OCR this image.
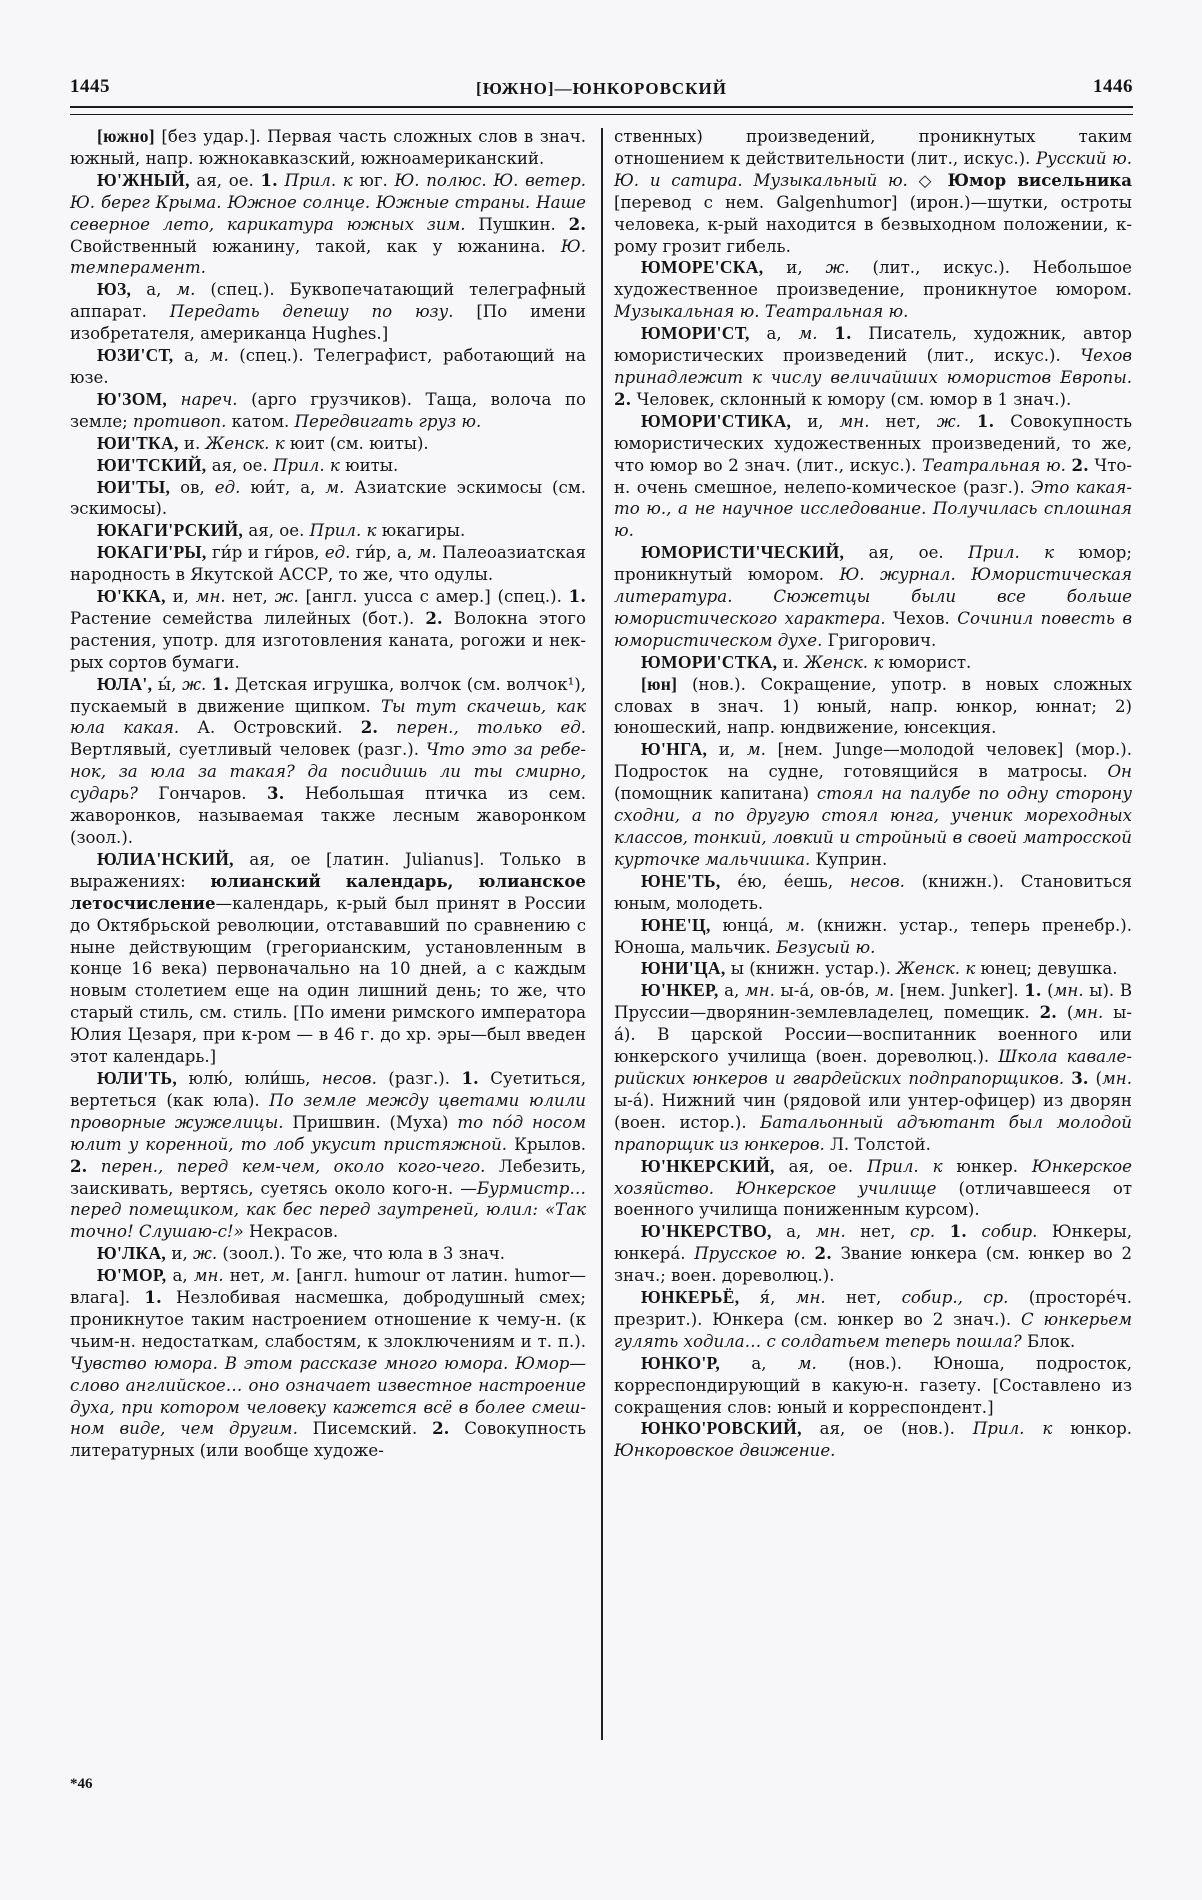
1445	[ЮЖНО]—ЮНКОРОВСКИЙ	1446

[южно] [без удар.]. Первая часть сложных слов в знач. южный, напр. южнокавказский, южноамериканский.

Ю'ЖНЫЙ, ая, ое. 1. Прил. к юг. Ю. полюс. Ю. ветер. Ю. берег Крыма. Южное солнце. Южные страны. Наше северное лето, карикатура южных зим. Пушкин. 2. Свойственный южанину, такой, как у южанина. Ю. темперамент.

ЮЗ, а, м. (спец.). Буквопечатающий телеграфный аппарат. Передать депешу по юзу. [По имени изобретателя, американца Hughes.]

ЮЗИ'СТ, а, м. (спец.). Телеграфист, работающий на юзе.

Ю'ЗОМ, нареч. (арго грузчиков). Таща, волоча по земле; противоп. катом. Передвигать груз ю.

ЮИ'ТКА, и. Женск. к юит (см. юиты).

ЮИ'ТСКИЙ, ая, ое. Прил. к юиты.

ЮИ'ТЫ, ов, ед. юи́т, а, м. Азиатские эскимосы (см. эскимосы).

ЮКАГИ'РСКИЙ, ая, ое. Прил. к юкагиры.

ЮКАГИ'РЫ, ги́р и ги́ров, ед. ги́р, а, м. Палеоазиатская народность в Якутской АССР, то же, что одулы.

Ю'ККА, и, мн. нет, ж. [англ. yucca с амер.] (спец.). 1. Растение семейства лилейных (бот.). 2. Волокна этого растения, употр. для изготовления каната, рогожи и нек-рых сортов бумаги.

ЮЛА', ы́, ж. 1. Детская игрушка, волчок (см. волчок¹), пускаемый в движение щипком. Ты тут скачешь, как юла какая. А. Островский. 2. перен., только ед. Вертлявый, суетливый человек (разг.). Что это за ребенок, за юла за такая? да посидишь ли ты смирно, сударь? Гончаров. 3. Небольшая птичка из сем. жаворонков, называемая также лесным жаворонком (зоол.).

ЮЛИА'НСКИЙ, ая, ое [латин. Julianus]. Только в выражениях: юлианский календарь, юлианское летосчисление—календарь, к-рый был принят в России до Октябрьской революции, отстававший по сравнению с ныне действующим (грегорианским, установленным в конце 16 века) первоначально на 10 дней, а с каждым новым столетием еще на один лишний день; то же, что старый стиль, см. стиль. [По имени римского императора Юлия Цезаря, при к-ром — в 46 г. до хр. эры—был введен этот календарь.]

ЮЛИ'ТЬ, юлю́, юли́шь, несов. (разг.). 1. Суетиться, вертеться (как юла). По земле между цветами юлили проворные жужелицы. Пришвин. (Муха) то по́д носом юлит у коренной, то лоб укусит пристяжной. Крылов. 2. перен., перед кем-чем, около кого-чего. Лебезить, заискивать, вертясь, суетясь около кого-н. —Бурмистр… перед помещиком, как бес перед заутреней, юлил: «Так точно! Слушаю-с!» Некрасов.

Ю'ЛКА, и, ж. (зоол.). То же, что юла в 3 знач.

Ю'МОР, а, мн. нет, м. [англ. humour от латин. humor—влага]. 1. Незлобивая насмешка, добродушный смех; проникнутое таким настроением отношение к чему-н. (к чьим-н. недостаткам, слабостям, к злоключениям и т. п.). Чувство юмора. В этом рассказе много юмора. Юмор—слово английское… оно означает известное настроение духа, при котором человеку кажется всё в более смешном виде, чем другим. Писемский. 2. Совокупность литературных (или вообще художе-

ственных) произведений, проникнутых таким отношением к действительности (лит., искус.). Русский ю. Ю. и сатира. Музыкальный ю. ◇ Юмор висельника [перевод с нем. Galgenhumor] (ирон.)—шутки, остроты человека, к-рый находится в безвыходном положении, к-рому грозит гибель.

ЮМОРЕ'СКА, и, ж. (лит., искус.). Небольшое художественное произведение, проникнутое юмором. Музыкальная ю. Театральная ю.

ЮМОРИ'СТ, а, м. 1. Писатель, художник, автор юмористических произведений (лит., искус.). Чехов принадлежит к числу величайших юмористов Европы. 2. Человек, склонный к юмору (см. юмор в 1 знач.).

ЮМОРИ'СТИКА, и, мн. нет, ж. 1. Совокупность юмористических художественных произведений, то же, что юмор во 2 знач. (лит., искус.). Театральная ю. 2. Что-н. очень смешное, нелепо-комическое (разг.). Это какая-то ю., а не научное исследование. Получилась сплошная ю.

ЮМОРИСТИ'ЧЕСКИЙ, ая, ое. Прил. к юмор; проникнутый юмором. Ю. журнал. Юмористическая литература. Сюжетцы были все больше юмористического характера. Чехов. Сочинил повесть в юмористическом духе. Григорович.

ЮМОРИ'СТКА, и. Женск. к юморист.

[юн] (нов.). Сокращение, употр. в новых сложных словах в знач. 1) юный, напр. юнкор, юннат; 2) юношеский, напр. юндвижение, юнсекция.

Ю'НГА, и, м. [нем. Junge—молодой человек] (мор.). Подросток на судне, готовящийся в матросы. Он (помощник капитана) стоял на палубе по одну сторону сходни, а по другую стоял юнга, ученик мореходных классов, тонкий, ловкий и стройный в своей матросской курточке мальчишка. Куприн.

ЮНЕ'ТЬ, е́ю, е́ешь, несов. (книжн.). Становиться юным, молодеть.

ЮНЕ'Ц, юнца́, м. (книжн. устар., теперь пренебр.). Юноша, мальчик. Безусый ю.

ЮНИ'ЦА, ы (книжн. устар.). Женск. к юнец; девушка.

Ю'НКЕР, а, мн. ы-а́, ов-о́в, м. [нем. Junker]. 1. (мн. ы). В Пруссии—дворянин-землевладелец, помещик. 2. (мн. ы-а́). В царской России—воспитанник военного или юнкерского училища (воен. дореволюц.). Школа кавалерийских юнкеров и гвардейских подпрапорщиков. 3. (мн. ы-а́). Нижний чин (рядовой или унтер-офицер) из дворян (воен. истор.). Батальонный адъютант был молодой прапорщик из юнкеров. Л. Толстой.

Ю'НКЕРСКИЙ, ая, ое. Прил. к юнкер. Юнкерское хозяйство. Юнкерское училище (отличавшееся от военного училища пониженным курсом).

Ю'НКЕРСТВО, а, мн. нет, ср. 1. собир. Юнкеры, юнкера́. Прусское ю. 2. Звание юнкера (см. юнкер во 2 знач.; воен. дореволюц.).

ЮНКЕРЬЁ, я́, мн. нет, собир., ср. (просторе́ч. презрит.). Юнкера (см. юнкер во 2 знач.). С юнкерьем гулять ходила… с солдатьем теперь пошла? Блок.

ЮНКО'Р, а, м. (нов.). Юноша, подросток, корреспондирующий в какую-н. газету. [Составлено из сокращения слов: юный и корреспондент.]

ЮНКО'РОВСКИЙ, ая, ое (нов.). Прил. к юнкор. Юнкоровское движение.

*46
